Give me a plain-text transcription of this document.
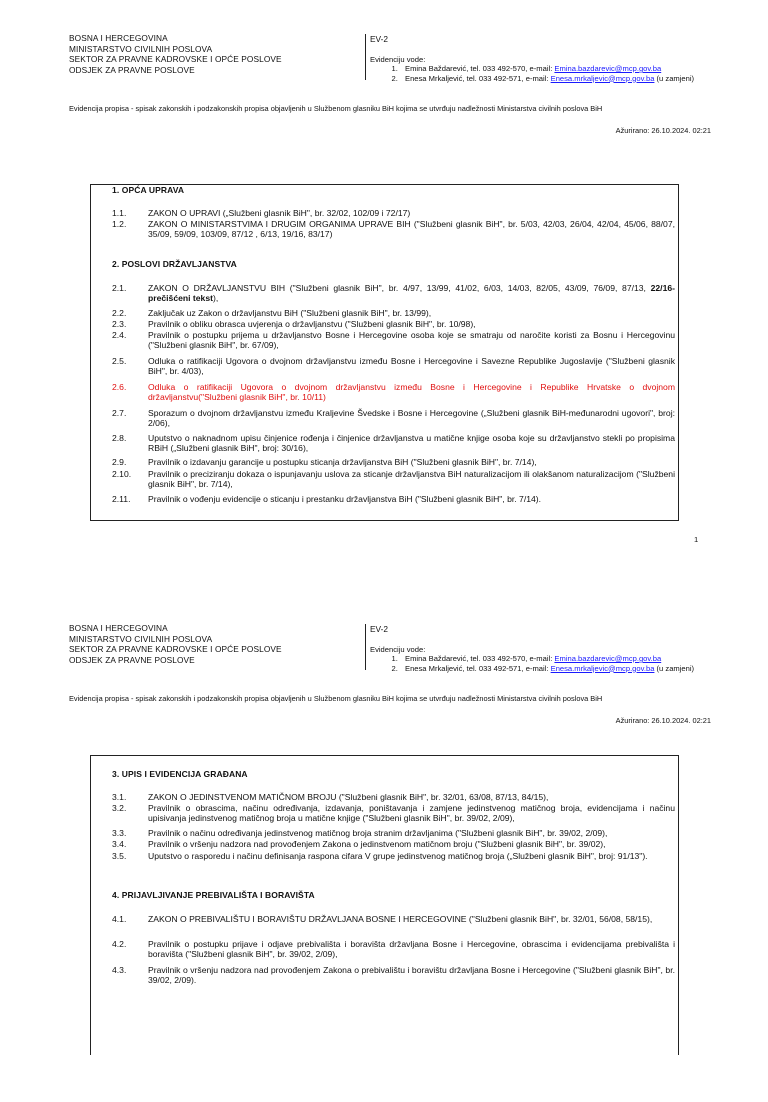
BOSNA I HERCEGOVINA
MINISTARSTVO CIVILNIH POSLOVA
SEKTOR ZA PRAVNE KADROVSKE I OPĆE POSLOVE
ODSJEK ZA PRAVNE POSLOVE
EV-2
Evidenciju vode:
1. Emina Baždarević, tel. 033 492-570, e-mail: Emina.bazdarevic@mcp.gov.ba
2. Enesa Mrkaljević, tel. 033 492-571, e-mail: Enesa.mrkaljevic@mcp.gov.ba (u zamjeni)
Evidencija propisa - spisak zakonskih i podzakonskih propisa objavljenih u Službenom glasniku BiH kojima se utvrđuju nadležnosti Ministarstva civilnih poslova BiH
Ažurirano: 26.10.2024. 02:21
1. OPĆA UPRAVA
1.1.	ZAKON O UPRAVI („Službeni glasnik BiH", br. 32/02, 102/09 i 72/17)
1.2.	ZAKON O MINISTARSTVIMA I DRUGIM ORGANIMA UPRAVE BIH ("Službeni glasnik BiH", br. 5/03, 42/03, 26/04, 42/04, 45/06, 88/07, 35/09, 59/09, 103/09, 87/12 , 6/13, 19/16, 83/17)
2. POSLOVI DRŽAVLJANSTVA
2.1.	ZAKON O DRŽAVLJANSTVU BIH ("Službeni glasnik BiH", br. 4/97, 13/99, 41/02, 6/03, 14/03, 82/05, 43/09, 76/09, 87/13, 22/16-prečišćeni tekst),
2.2.	Zaključak uz Zakon o državljanstvu BiH ("Službeni glasnik BiH", br. 13/99),
2.3.	Pravilnik o obliku obrasca uvjerenja o državljanstvu ("Službeni glasnik BiH", br. 10/98),
2.4.	Pravilnik o postupku prijema u državljanstvo Bosne i Hercegovine osoba koje se smatraju od naročite koristi za Bosnu i Hercegovinu ("Službeni glasnik BiH", br. 67/09),
2.5.	Odluka o ratifikaciji Ugovora o dvojnom državljanstvu između Bosne i Hercegovine i Savezne Republike Jugoslavije ("Službeni glasnik BiH", br. 4/03),
2.6.	Odluka o ratifikaciji Ugovora o dvojnom državljanstvu između Bosne i Hercegovine i Republike Hrvatske o dvojnom državljanstvu("Službeni glasnik BiH", br. 10/11)
2.7.	Sporazum o dvojnom državljanstvu između Kraljevine Švedske i Bosne i Hercegovine („Službeni glasnik BiH-međunarodni ugovori", broj: 2/06),
2.8.	Uputstvo o naknadnom upisu činjenice rođenja i činjenice državljanstva u matične knjige osoba koje su državljanstvo stekli po propisima RBiH („Službeni glasnik BiH", broj: 30/16),
2.9.	Pravilnik o izdavanju garancije u postupku sticanja državljanstva BiH ("Službeni glasnik BiH", br. 7/14),
2.10. Pravilnik o preciziranju dokaza o ispunjavanju uslova za sticanje državljanstva BiH naturalizacijom ili olakšanom naturalizacijom ("Službeni glasnik BiH", br. 7/14),
2.11. Pravilnik o vođenju evidencije o sticanju i prestanku državljanstva BiH ("Službeni glasnik BiH", br. 7/14).
1
BOSNA I HERCEGOVINA
MINISTARSTVO CIVILNIH POSLOVA
SEKTOR ZA PRAVNE KADROVSKE I OPĆE POSLOVE
ODSJEK ZA PRAVNE POSLOVE
EV-2
Evidenciju vode:
1. Emina Baždarević, tel. 033 492-570, e-mail: Emina.bazdarevic@mcp.gov.ba
2. Enesa Mrkaljević, tel. 033 492-571, e-mail: Enesa.mrkaljevic@mcp.gov.ba (u zamjeni)
Evidencija propisa - spisak zakonskih i podzakonskih propisa objavljenih u Službenom glasniku BiH kojima se utvrđuju nadležnosti Ministarstva civilnih poslova BiH
Ažurirano: 26.10.2024. 02:21
3. UPIS I EVIDENCIJA GRAĐANA
3.1.	ZAKON O JEDINSTVENOM MATIČNOM BROJU ("Službeni glasnik BiH", br. 32/01, 63/08, 87/13, 84/15),
3.2.	Pravilnik o obrascima, načinu određivanja, izdavanja, poništavanja i zamjene jedinstvenog matičnog broja, evidencijama i načinu upisivanja jedinstvenog matičnog broja u matične knjige ("Službeni glasnik BiH", br. 39/02, 2/09),
3.3.	Pravilnik o načinu određivanja jedinstvenog matičnog broja stranim državljanima ("Službeni glasnik BiH", br. 39/02, 2/09),
3.4.	Pravilnik o vršenju nadzora nad provođenjem Zakona o jedinstvenom matičnom broju ("Službeni glasnik BiH", br. 39/02),
3.5.	Uputstvo o rasporedu i načinu definisanja raspona cifara V grupe jedinstvenog matičnog broja („Službeni glasnik BiH", broj: 91/13").
4. PRIJAVLJIVANJE PREBIVALIŠTA I BORAVIŠTA
4.1.	ZAKON O PREBIVALIŠTU I BORAVIŠTU DRŽAVLJANA BOSNE I HERCEGOVINE ("Službeni glasnik BiH", br. 32/01, 56/08, 58/15),
4.2.	Pravilnik o postupku prijave i odjave prebivališta i boravišta državljana Bosne i Hercegovine, obrascima i evidencijama prebivališta i boravišta ("Službeni glasnik BiH", br. 39/02, 2/09),
4.3.	Pravilnik o vršenju nadzora nad provođenjem Zakona o prebivalištu i boravištu državljana Bosne i Hercegovine ("Službeni glasnik BiH", br. 39/02, 2/09).
